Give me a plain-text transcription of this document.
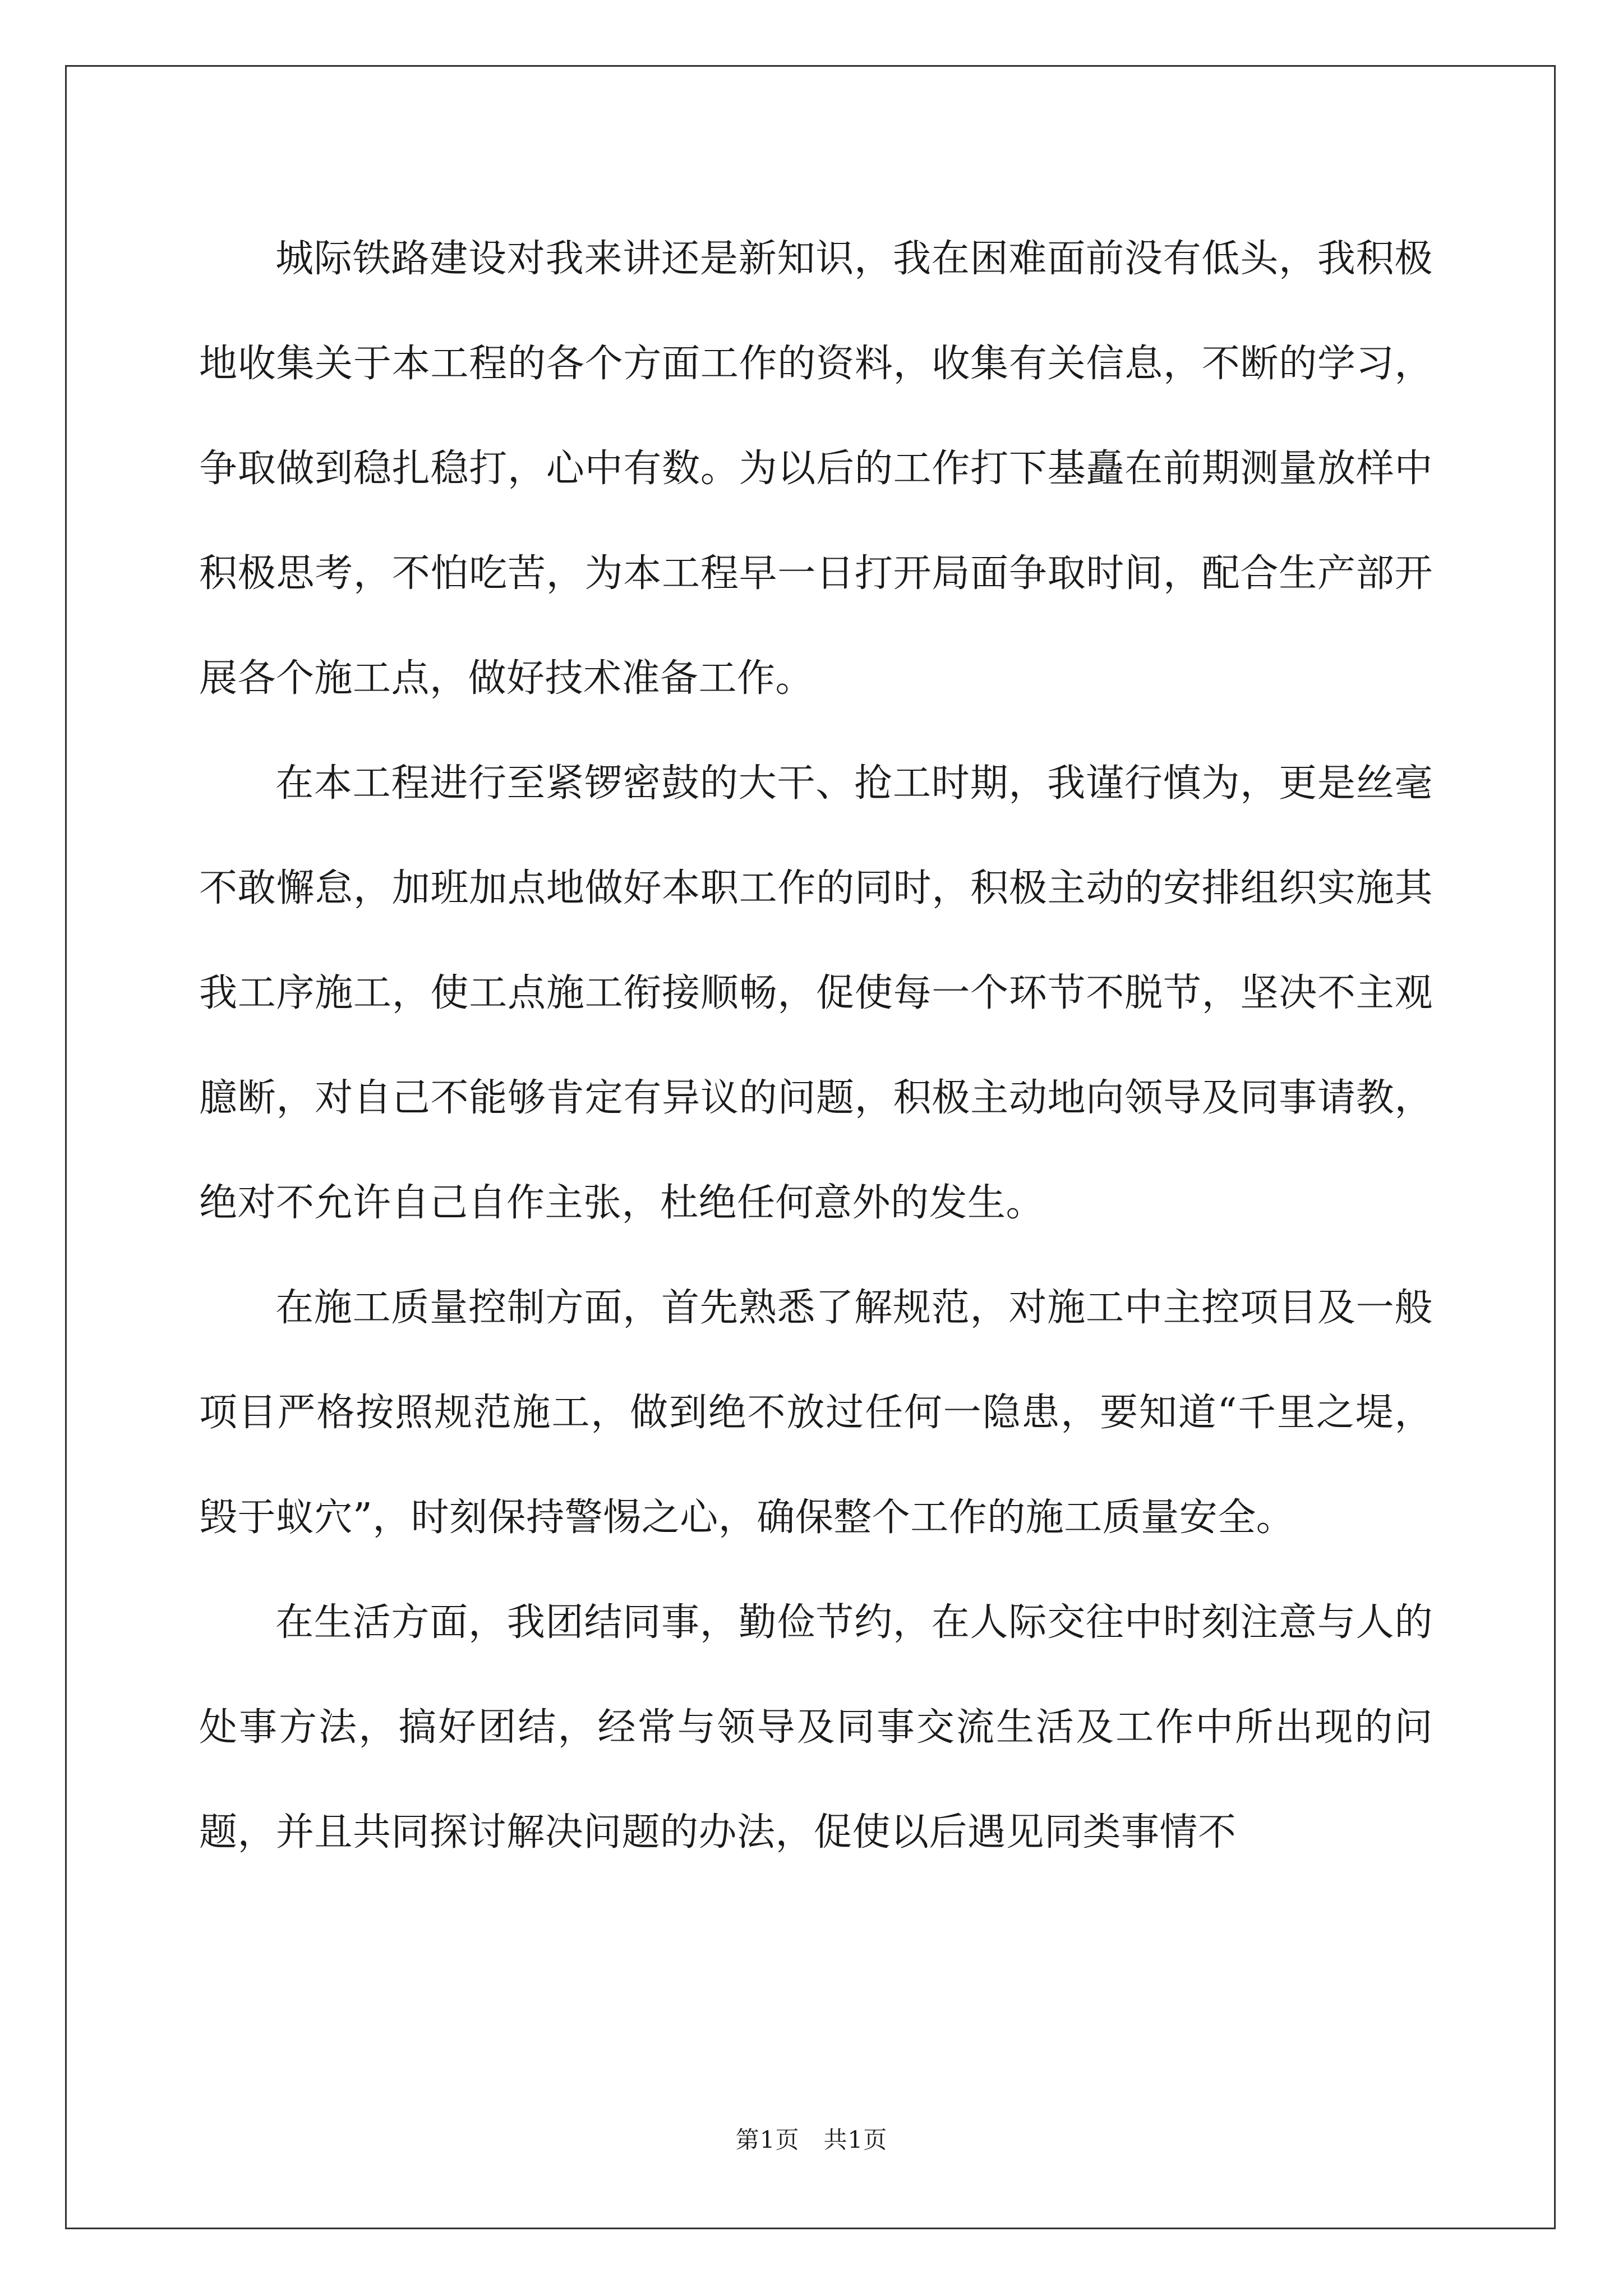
城际铁路建设对我来讲还是新知识，我在困难面前没有低头，我积极地收集关于本工程的各个方面工作的资料，收集有关信息，不断的学习，争取做到稳扎稳打，心中有数。为以后的工作打下基矗在前期测量放样中积极思考，不怕吃苦，为本工程早一日打开局面争取时间，配合生产部开展各个施工点，做好技术准备工作。

在本工程进行至紧锣密鼓的大干、抢工时期，我谨行慎为，更是丝毫不敢懈怠，加班加点地做好本职工作的同时，积极主动的安排组织实施其我工序施工，使工点施工衔接顺畅，促使每一个环节不脱节，坚决不主观臆断，对自己不能够肯定有异议的问题，积极主动地向领导及同事请教，绝对不允许自己自作主张，杜绝任何意外的发生。

在施工质量控制方面，首先熟悉了解规范，对施工中主控项目及一般项目严格按照规范施工，做到绝不放过任何一隐患，要知道“千里之堤，毁于蚁穴”，时刻保持警惕之心，确保整个工作的施工质量安全。

在生活方面，我团结同事，勤俭节约，在人际交往中时刻注意与人的处事方法，搞好团结，经常与领导及同事交流生活及工作中所出现的问题，并且共同探讨解决问题的办法，促使以后遇见同类事情不

第1页　共1页
